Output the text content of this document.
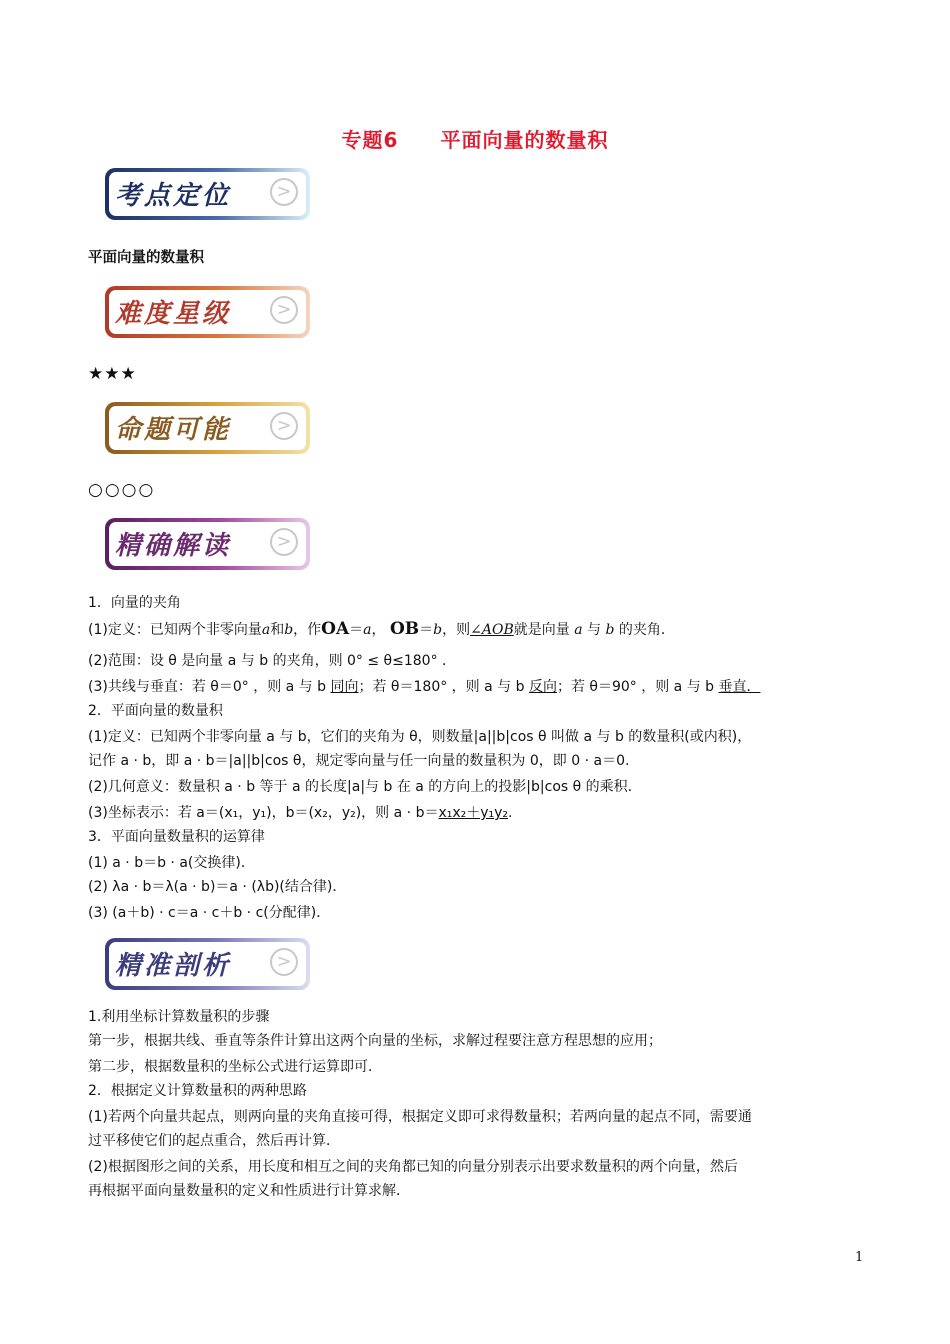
专题6　　平面向量的数量积
考点定位	>
平面向量的数量积
难度星级	>
★★★
命题可能	>
○○○○
精确解读	>
1．向量的夹角
(1)定义：已知两个非零向量a和b，作OA＝a， OB＝b，则∠AOB就是向量 a 与 b 的夹角．
(2)范围：设 θ 是向量 a 与 b 的夹角，则 0° ≤ θ≤180° ．
(3)共线与垂直：若 θ＝0° ，则 a 与 b 同向；若 θ＝180° ，则 a 与 b 反向；若 θ＝90° ，则 a 与 b 垂直．
2．平面向量的数量积
(1)定义：已知两个非零向量 a 与 b，它们的夹角为 θ，则数量|a||b|cos θ 叫做 a 与 b 的数量积(或内积)，
记作 a · b，即 a · b＝|a||b|cos θ，规定零向量与任一向量的数量积为 0，即 0 · a＝0.
(2)几何意义：数量积 a · b 等于 a 的长度|a|与 b 在 a 的方向上的投影|b|cos θ 的乘积.
(3)坐标表示：若 a＝(x₁，y₁)，b＝(x₂，y₂)，则 a · b＝x₁x₂＋y₁y₂.
3．平面向量数量积的运算律
(1) a · b＝b · a(交换律)．
(2) λa · b＝λ(a · b)＝a · (λb)(结合律)．
(3) (a＋b) · c＝a · c＋b · c(分配律)．
精准剖析	>
1.利用坐标计算数量积的步骤
第一步，根据共线、垂直等条件计算出这两个向量的坐标，求解过程要注意方程思想的应用；
第二步，根据数量积的坐标公式进行运算即可．
2．根据定义计算数量积的两种思路
(1)若两个向量共起点，则两向量的夹角直接可得，根据定义即可求得数量积；若两向量的起点不同，需要通
过平移使它们的起点重合，然后再计算．
(2)根据图形之间的关系，用长度和相互之间的夹角都已知的向量分别表示出要求数量积的两个向量，然后
再根据平面向量数量积的定义和性质进行计算求解．
1
